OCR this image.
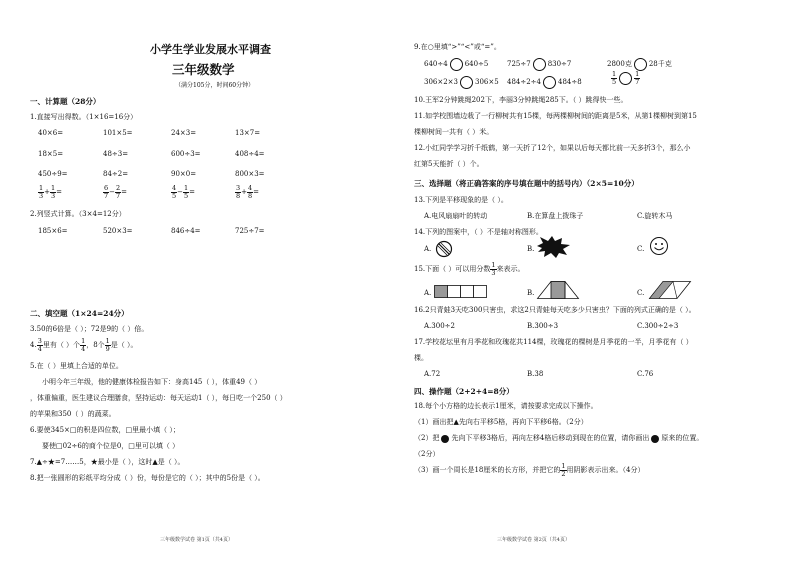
小学生学业发展水平调查
三年级数学
（满分105分，时间60分钟）
一、计算题（28分）
1.直接写出得数。（1×16=16分）
40×6=	101×5=	24×3=	13×7=
18×5=	48÷3=	600÷3=	408÷4=
450÷9=	84÷2=	90×0=	800×3=
$\frac{1}{3} + \frac{1}{3}$ =	$\frac{6}{7} - \frac{2}{7}$ =	$\frac{4}{5} - \frac{1}{5}$ =	$\frac{3}{8} + \frac{4}{8}$ =
2.列竖式计算。（3×4=12分）
185×6=	520×3=	846÷4=	725÷7=
二、填空题（1×24=24分）
3.50的6倍是（ ）；72是9的（ ）倍。
4. $\frac{3}{4}$ 里有（ ）个 $\frac{1}{4}$ ，8个 $\frac{1}{9}$ 是（ ）。
5.在（ ）里填上合适的单位。
小明今年三年级，他的健康体检报告如下：身高145（ ），体重49（ ）
，体重偏重，医生建议合理膳食，坚持运动：每天运动1（ ），每日吃一个250（ ）
的苹果和350（ ）的蔬菜。
6.要使345×□的积是四位数，□里最小填（ ）；
要使□02÷6的商个位是0，□里可以填（ ）
7.▲÷★=7……5，★最小是（ ），这时▲是（ ）。
8.把一张圆形的彩纸平均分成（ ）份，每份是它的（ ）；其中的5份是（ ）。
三年级数学试卷 第1页（共4页）
9.在○里填“>”“<”或“=”。
640÷4 640÷5	725÷7 830÷7	2800克 28千克
306×2×3 306×5 484÷2÷4 484÷8	$\frac{1}{5}$	$\frac{1}{7}$
10.王军2分钟跳绳202下，李丽3分钟跳绳285下。（ ）跳得快一些。
11.如学校围墙边栽了一行柳树共有15棵，每两棵柳树间的距离是5米，从第1棵柳树到第15
棵柳树间一共有（ ）米。
12.小红同学学习折千纸鹤，第一天折了12个，如果以后每天都比前一天多折3个，那么小
红第5天能折（ ）个。
三、选择题（将正确答案的序号填在题中的括号内）（2×5=10分）
13.下列是平移现象的是（ ）。
A.电风扇扇叶的转动	B.在算盘上拨珠子	C.旋转木马
14.下列的图案中，（ ）不是轴对称图形。
A.	B.	C.
15.下面（ ）可以用分数 $\frac{1}{3}$ 来表示。
A.	B.	C.
16.2只青蛙3天吃300只害虫，求这2只青蛙每天吃多少只害虫？下面的列式正确的是（ ）。
A.300÷2	B.300÷3	C.300÷2÷3
17.学校花坛里有月季花和玫瑰花共114棵，玫瑰花的棵树是月季花的一半，月季花有（ ）
棵。
A.72	B.38	C.76
四、操作题（2+2+4=8分）
18.每个小方格的边长表示1厘米，请按要求完成以下操作。
（1）画出把▲先向右平移5格，再向下平移6格。（2分）
（2）把 先向下平移3格后，再向左移4格后移动到现在的位置，请你画出 原来的位置。
（2分）
（3）画一个周长是18厘米的长方形，并把它的 $\frac{1}{2}$ 用阴影表示出来。（4分）
三年级数学试卷 第2页（共4页）
